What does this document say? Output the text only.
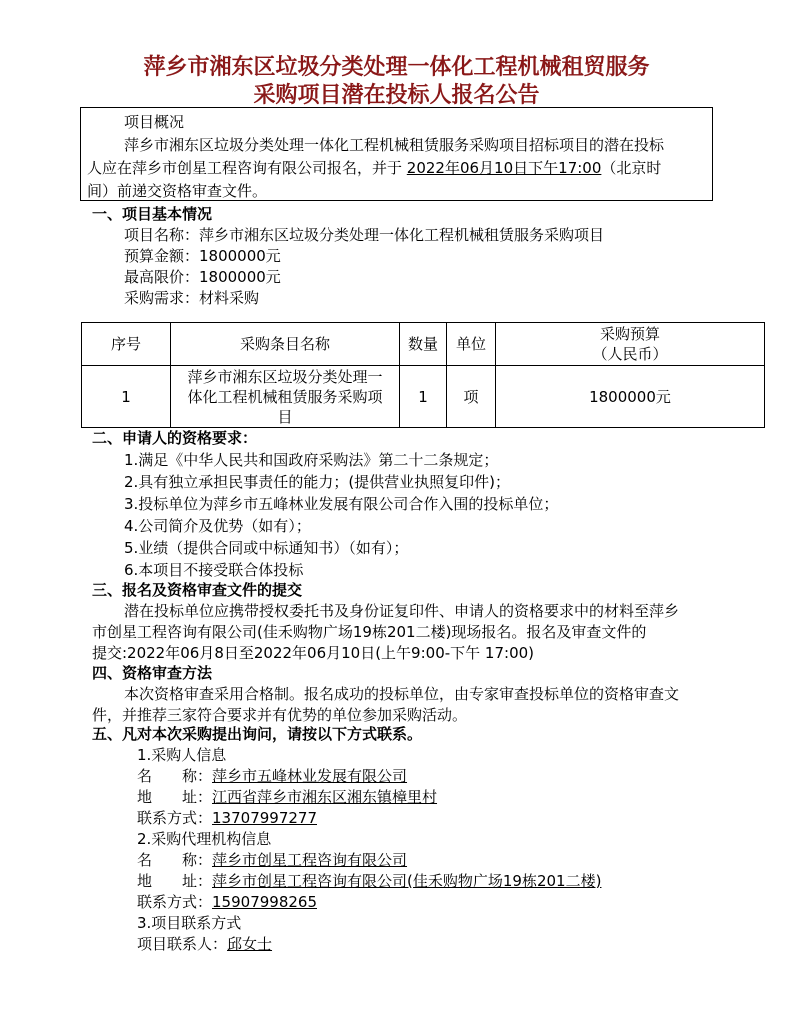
萍乡市湘东区垃圾分类处理一体化工程机械租贸服务
采购项目潜在投标人报名公告
项目概况
萍乡市湘东区垃圾分类处理一体化工程机械租赁服务采购项目招标项目的潜在投标
人应在萍乡市创星工程咨询有限公司报名，并于 2022年06月10日下午17:00（北京时
间）前递交资格审查文件。
一、项目基本情况
项目名称：萍乡市湘东区垃圾分类处理一体化工程机械租赁服务采购项目
预算金额：1800000元
最高限价：1800000元
采购需求：材料采购
序号	采购条目名称	数量	单位	采购预算
（人民币）

1	萍乡市湘东区垃圾分类处理一
体化工程机械租赁服务采购项
目	1	项	1800000元
二、申请人的资格要求：
1.满足《中华人民共和国政府采购法》第二十二条规定；
2.具有独立承担民事责任的能力；(提供营业执照复印件)；
3.投标单位为萍乡市五峰林业发展有限公司合作入围的投标单位；
4.公司简介及优势（如有）；
5.业绩（提供合同或中标通知书）（如有）；
6.本项目不接受联合体投标
三、报名及资格审查文件的提交
潜在投标单位应携带授权委托书及身份证复印件、申请人的资格要求中的材料至萍乡
市创星工程咨询有限公司(佳禾购物广场19栋201二楼)现场报名。报名及审查文件的
提交:2022年06月8日至2022年06月10日(上午9:00-下午 17:00)
四、资格审查方法
本次资格审查采用合格制。报名成功的投标单位，由专家审查投标单位的资格审查文
件，并推荐三家符合要求并有优势的单位参加采购活动。
五、凡对本次采购提出询问，请按以下方式联系。
1.采购人信息
名　　称：萍乡市五峰林业发展有限公司
地　　址：江西省萍乡市湘东区湘东镇樟里村
联系方式：13707997277
2.采购代理机构信息
名　　称：萍乡市创星工程咨询有限公司
地　　址：萍乡市创星工程咨询有限公司(佳禾购物广场19栋201二楼)
联系方式：15907998265
3.项目联系方式
项目联系人：邱女士
